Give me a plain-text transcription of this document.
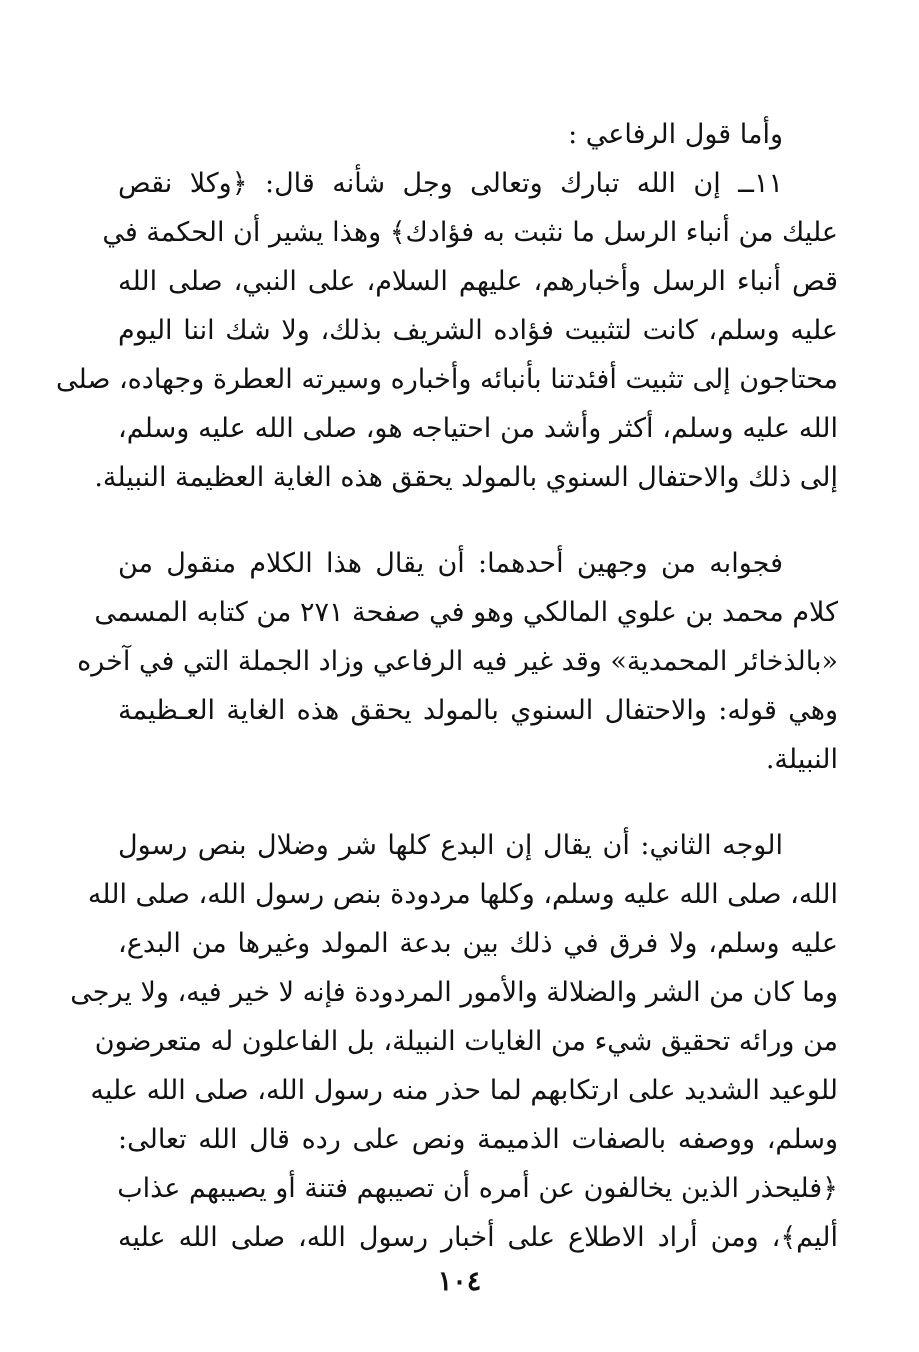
وأما قول الرفاعي :
١١ــ إن الله تبارك وتعالى وجل شأنه قال: ﴿وكلا نقص
عليك من أنباء الرسل ما نثبت به فؤادك﴾ وهذا يشير أن الحكمة في
قص أنباء الرسل وأخبارهم، عليهم السلام، على النبي، صلى الله
عليه وسلم، كانت لتثبيت فؤاده الشريف بذلك، ولا شك اننا اليوم
محتاجون إلى تثبيت أفئدتنا بأنبائه وأخباره وسيرته العطرة وجهاده، صلى
الله عليه وسلم، أكثر وأشد من احتياجه هو، صلى الله عليه وسلم،
إلى ذلك والاحتفال السنوي بالمولد يحقق هذه الغاية العظيمة النبيلة.
فجوابه من وجهين أحدهما: أن يقال هذا الكلام منقول من
كلام محمد بن علوي المالكي وهو في صفحة ٢٧١ من كتابه المسمى
«بالذخائر المحمدية» وقد غير فيه الرفاعي وزاد الجملة التي في آخره
وهي قوله: والاحتفال السنوي بالمولد يحقق هذه الغاية العـظيمة
النبيلة.
الوجه الثاني: أن يقال إن البدع كلها شر وضلال بنص رسول
الله، صلى الله عليه وسلم، وكلها مردودة بنص رسول الله، صلى الله
عليه وسلم، ولا فرق في ذلك بين بدعة المولد وغيرها من البدع،
وما كان من الشر والضلالة والأمور المردودة فإنه لا خير فيه، ولا يرجى
من ورائه تحقيق شيء من الغايات النبيلة، بل الفاعلون له متعرضون
للوعيد الشديد على ارتكابهم لما حذر منه رسول الله، صلى الله عليه
وسلم، ووصفه بالصفات الذميمة ونص على رده قال الله تعالى:
﴿فليحذر الذين يخالفون عن أمره أن تصيبهم فتنة أو يصيبهم عذاب
أليم﴾، ومن أراد الاطلاع على أخبار رسول الله، صلى الله عليه
١٠٤
